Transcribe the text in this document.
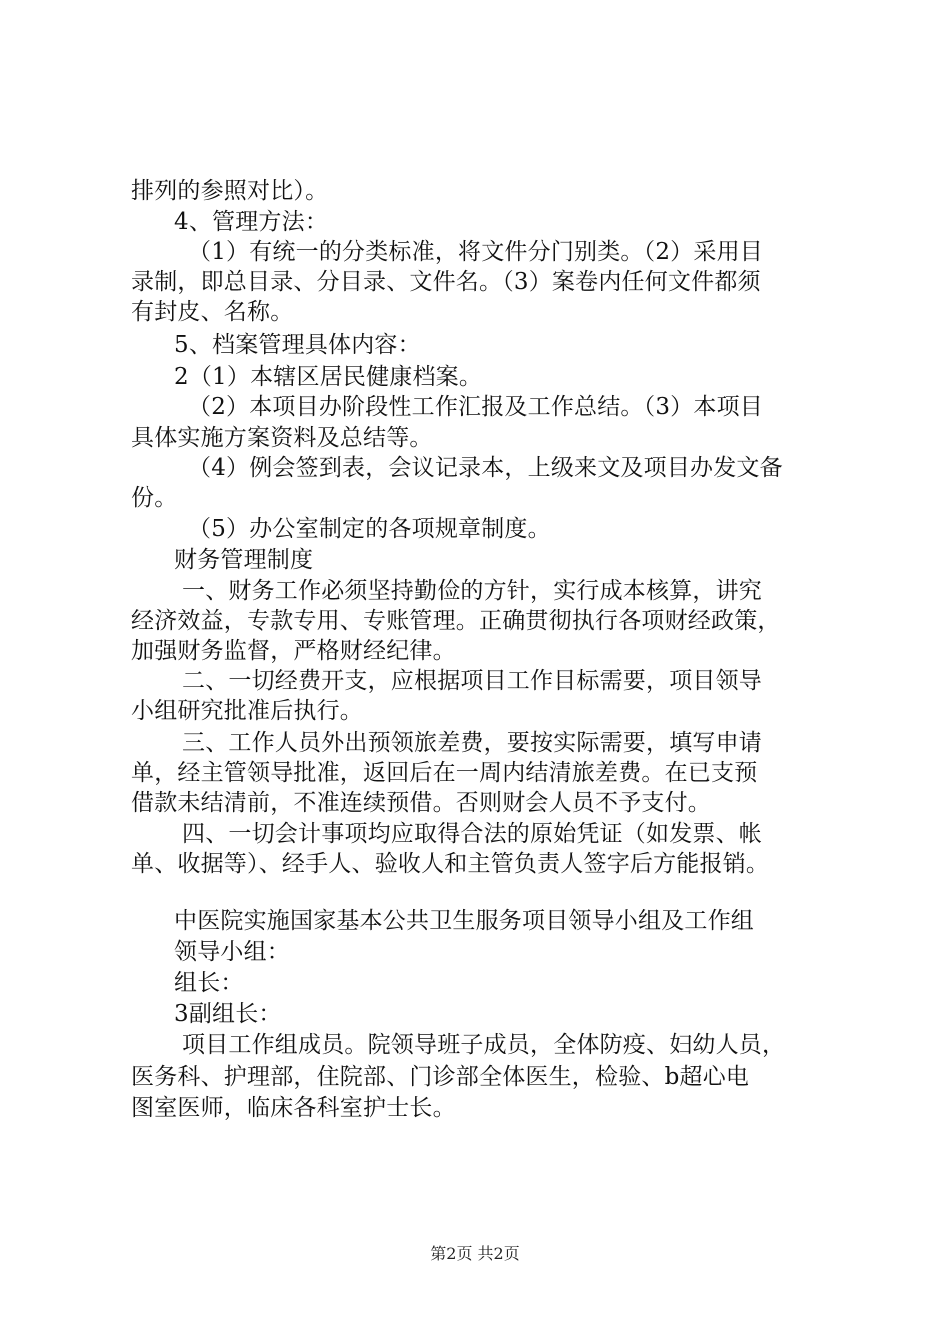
排列的参照对比）。
4、管理方法：
（1）有统一的分类标准，将文件分门别类。（2）采用目
录制，即总目录、分目录、文件名。（3）案卷内任何文件都须
有封皮、名称。
5、档案管理具体内容：
2（1）本辖区居民健康档案。
（2）本项目办阶段性工作汇报及工作总结。（3）本项目
具体实施方案资料及总结等。
（4）例会签到表，会议记录本，上级来文及项目办发文备
份。
（5）办公室制定的各项规章制度。
财务管理制度
一、财务工作必须坚持勤俭的方针，实行成本核算，讲究
经济效益，专款专用、专账管理。正确贯彻执行各项财经政策，
加强财务监督，严格财经纪律。
二、一切经费开支，应根据项目工作目标需要，项目领导
小组研究批准后执行。
三、工作人员外出预领旅差费，要按实际需要，填写申请
单，经主管领导批准，返回后在一周内结清旅差费。在已支预
借款未结清前，不准连续预借。否则财会人员不予支付。
四、一切会计事项均应取得合法的原始凭证（如发票、帐
单、收据等）、经手人、验收人和主管负责人签字后方能报销。
中医院实施国家基本公共卫生服务项目领导小组及工作组
领导小组：
组长：
3副组长：
项目工作组成员。院领导班子成员，全体防疫、妇幼人员，
医务科、护理部，住院部、门诊部全体医生，检验、b超心电
图室医师，临床各科室护士长。
第2页 共2页
